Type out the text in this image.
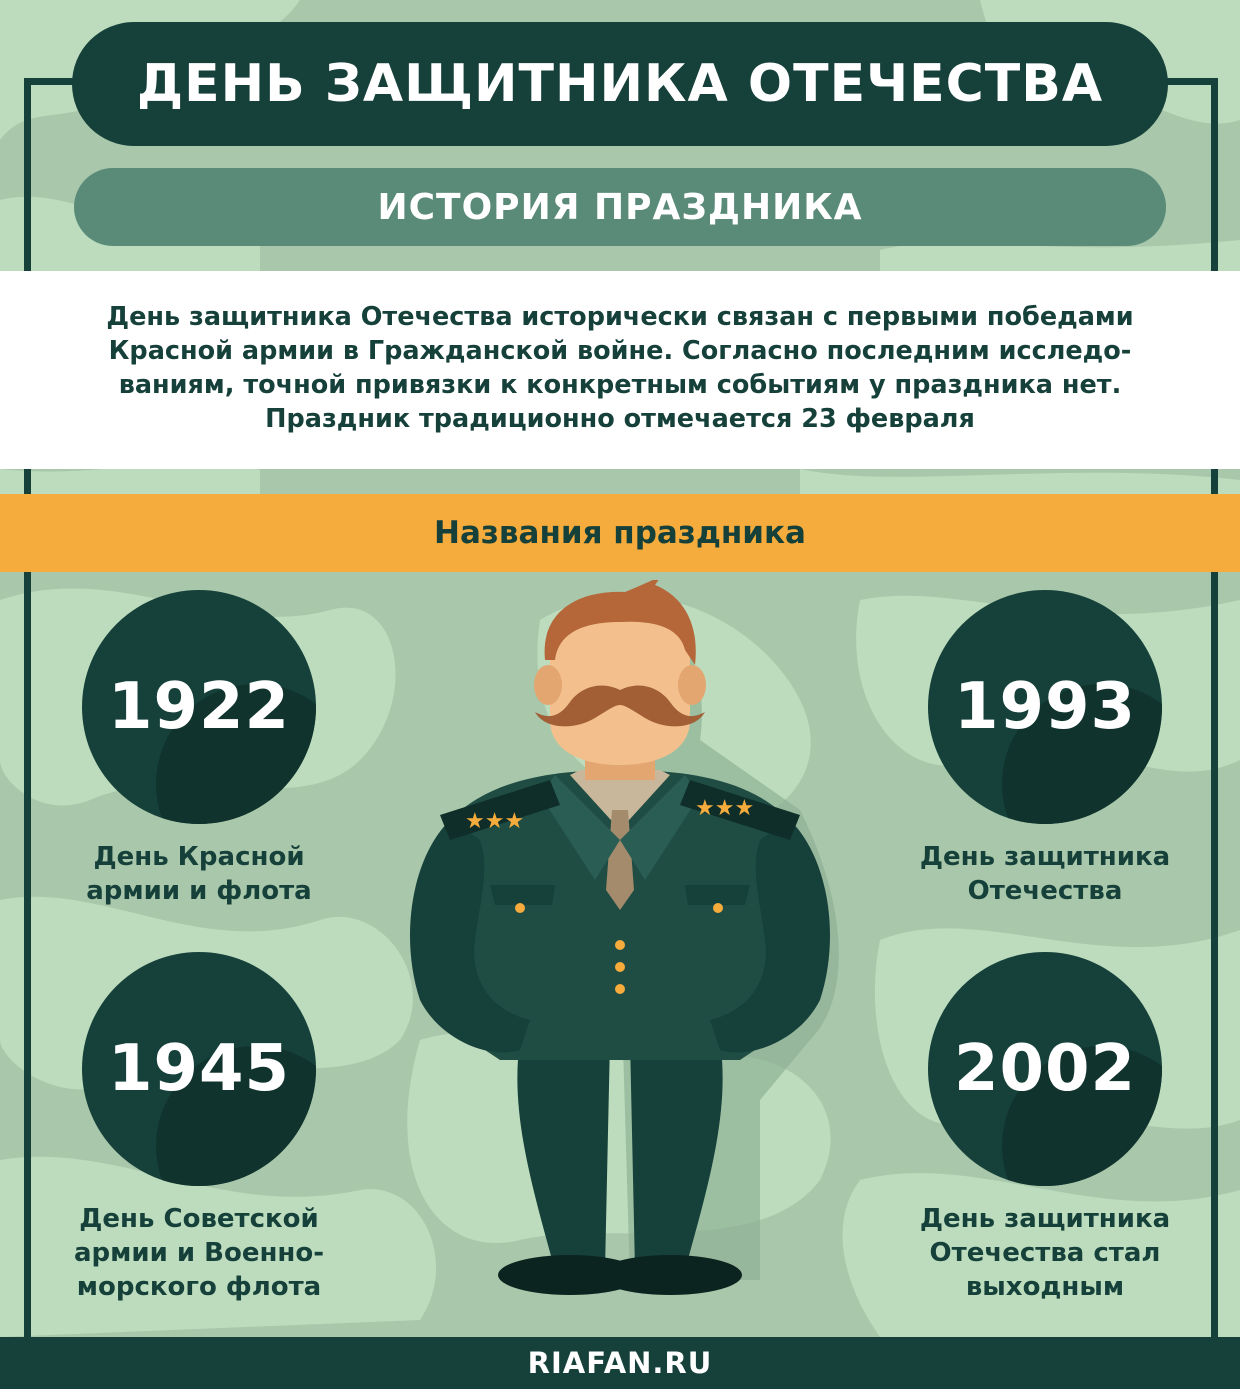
ДЕНЬ ЗАЩИТНИКА ОТЕЧЕСТВА
ИСТОРИЯ ПРАЗДНИКА

День защитника Отечества исторически связан с первыми победами
Красной армии в Гражданской войне. Согласно последним исследо-
ваниям, точной привязки к конкретным событиям у праздника нет.
Праздник традиционно отмечается 23 февраля

Названия праздника
1922

День Красной
армии и флота

1993

День защитника
Отечества

1945

День Советской
армии и Военно-
морского флота

2002

День защитника
Отечества стал
выходным

★★★
★★★
RIAFAN.RU
